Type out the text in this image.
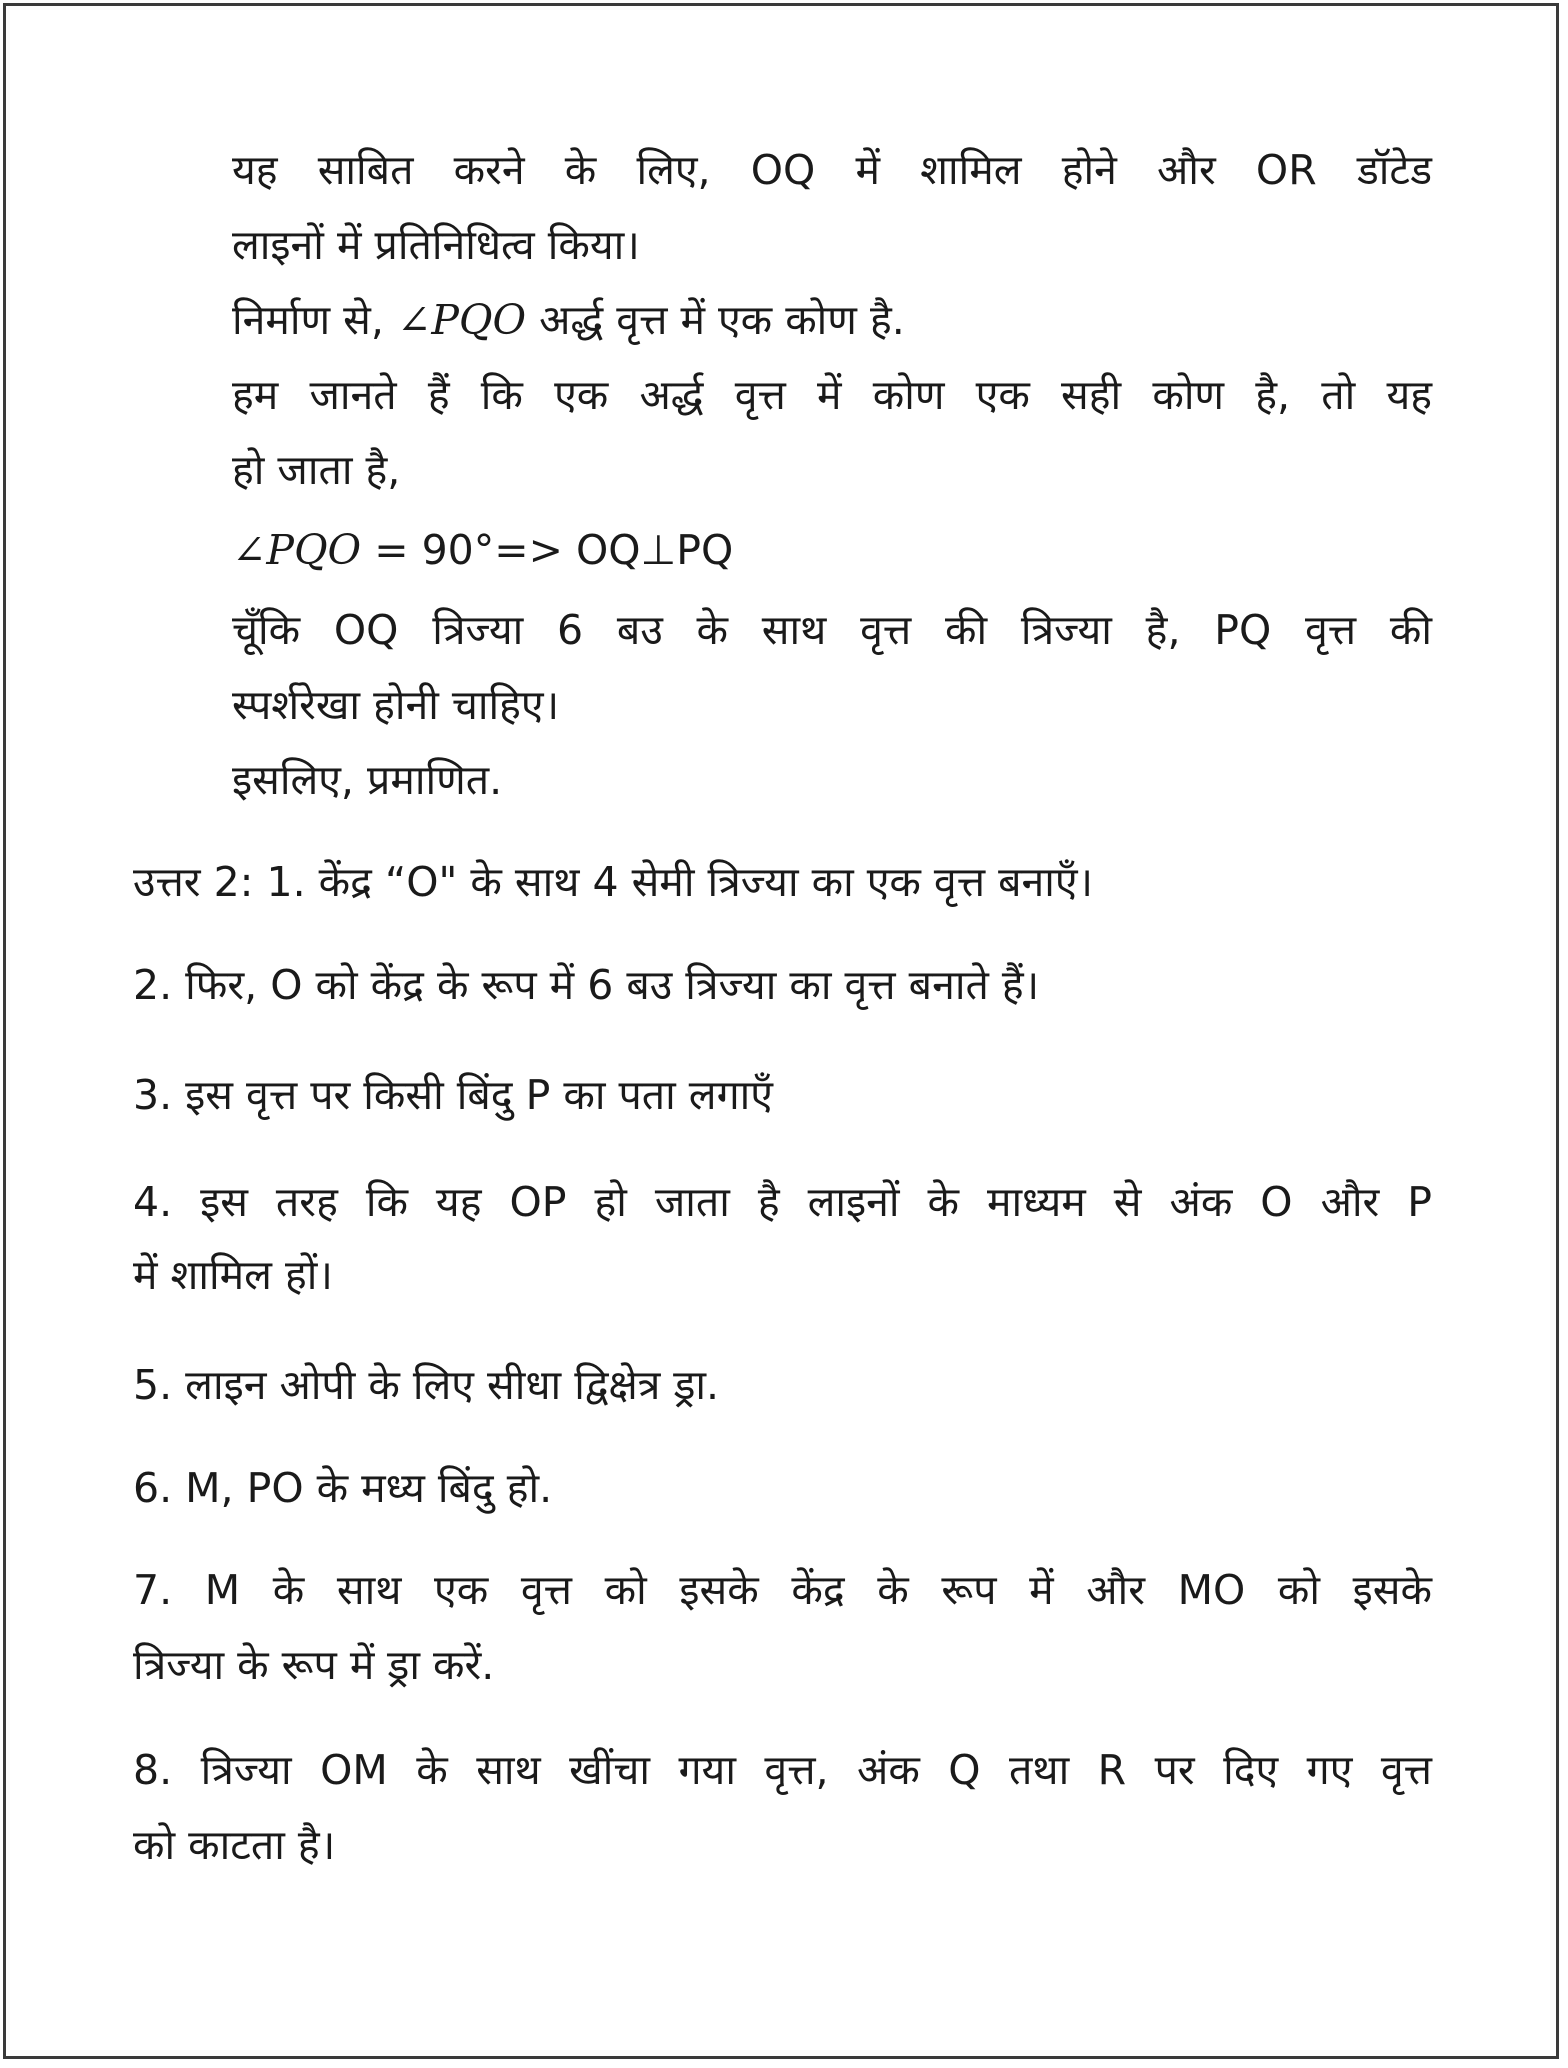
यह साबित करने के लिए, OQ में शामिल होने और OR डॉटेड
लाइनों में प्रतिनिधित्व किया।
निर्माण से, ∠PQO अर्द्ध वृत्त में एक कोण है.
हम जानते हैं कि एक अर्द्ध वृत्त में कोण एक सही कोण है, तो यह
हो जाता है,
∠PQO = 90°=> OQ⊥PQ
चूँकि OQ त्रिज्या 6 बउ के साथ वृत्त की त्रिज्या है, PQ वृत्त की
स्पर्शरेखा होनी चाहिए।
इसलिए, प्रमाणित.
उत्तर 2: 1. केंद्र “O" के साथ 4 सेमी त्रिज्या का एक वृत्त बनाएँ।
2. फिर, O को केंद्र के रूप में 6 बउ त्रिज्या का वृत्त बनाते हैं।
3. इस वृत्त पर किसी बिंदु P का पता लगाएँ
4. इस तरह कि यह OP हो जाता है लाइनों के माध्यम से अंक O और P
में शामिल हों।
5. लाइन ओपी के लिए सीधा द्विक्षेत्र ड्रा.
6. M, PO के मध्य बिंदु हो.
7. M के साथ एक वृत्त को इसके केंद्र के रूप में और MO को इसके
त्रिज्या के रूप में ड्रा करें.
8. त्रिज्या OM के साथ खींचा गया वृत्त, अंक Q तथा R पर दिए गए वृत्त
को काटता है।
